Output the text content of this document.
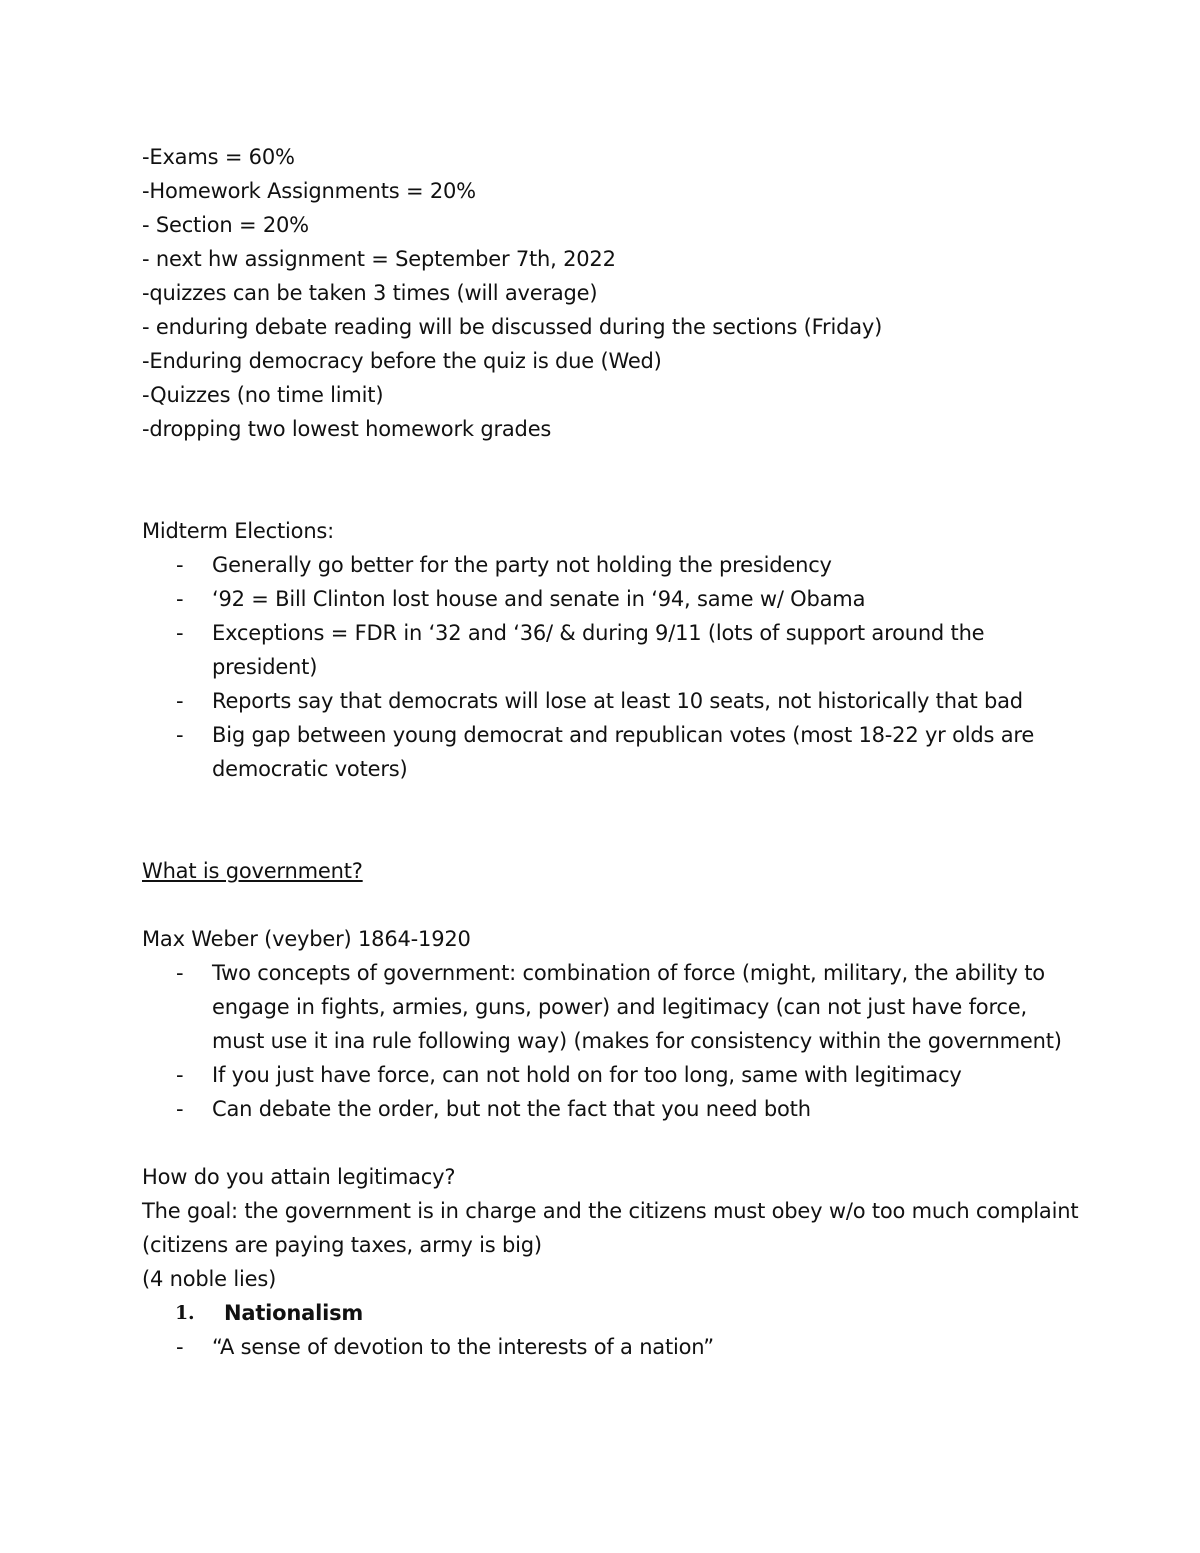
-Exams = 60%

-Homework Assignments = 20%

- Section = 20%

- next hw assignment = September 7th, 2022

-quizzes can be taken 3 times (will average)

- enduring debate reading will be discussed during the sections (Friday)

-Enduring democracy before the quiz is due (Wed)

-Quizzes (no time limit)

-dropping two lowest homework grades

Midterm Elections:

- Generally go better for the party not holding the presidency
- ‘92 = Bill Clinton lost house and senate in ‘94, same w/ Obama
- Exceptions = FDR in ‘32 and ‘36/ & during 9/11 (lots of support around the president)
- Reports say that democrats will lose at least 10 seats, not historically that bad
- Big gap between young democrat and republican votes (most 18-22 yr olds are democratic voters)

What is government?

Max Weber (veyber) 1864-1920

- Two concepts of government: combination of force (might, military, the ability to engage in fights, armies, guns, power) and legitimacy (can not just have force, must use it ina rule following way) (makes for consistency within the government)
- If you just have force, can not hold on for too long, same with legitimacy
- Can debate the order, but not the fact that you need both

How do you attain legitimacy?

The goal: the government is in charge and the citizens must obey w/o too much complaint (citizens are paying taxes, army is big)

(4 noble lies)

1. Nationalism
- “A sense of devotion to the interests of a nation”
